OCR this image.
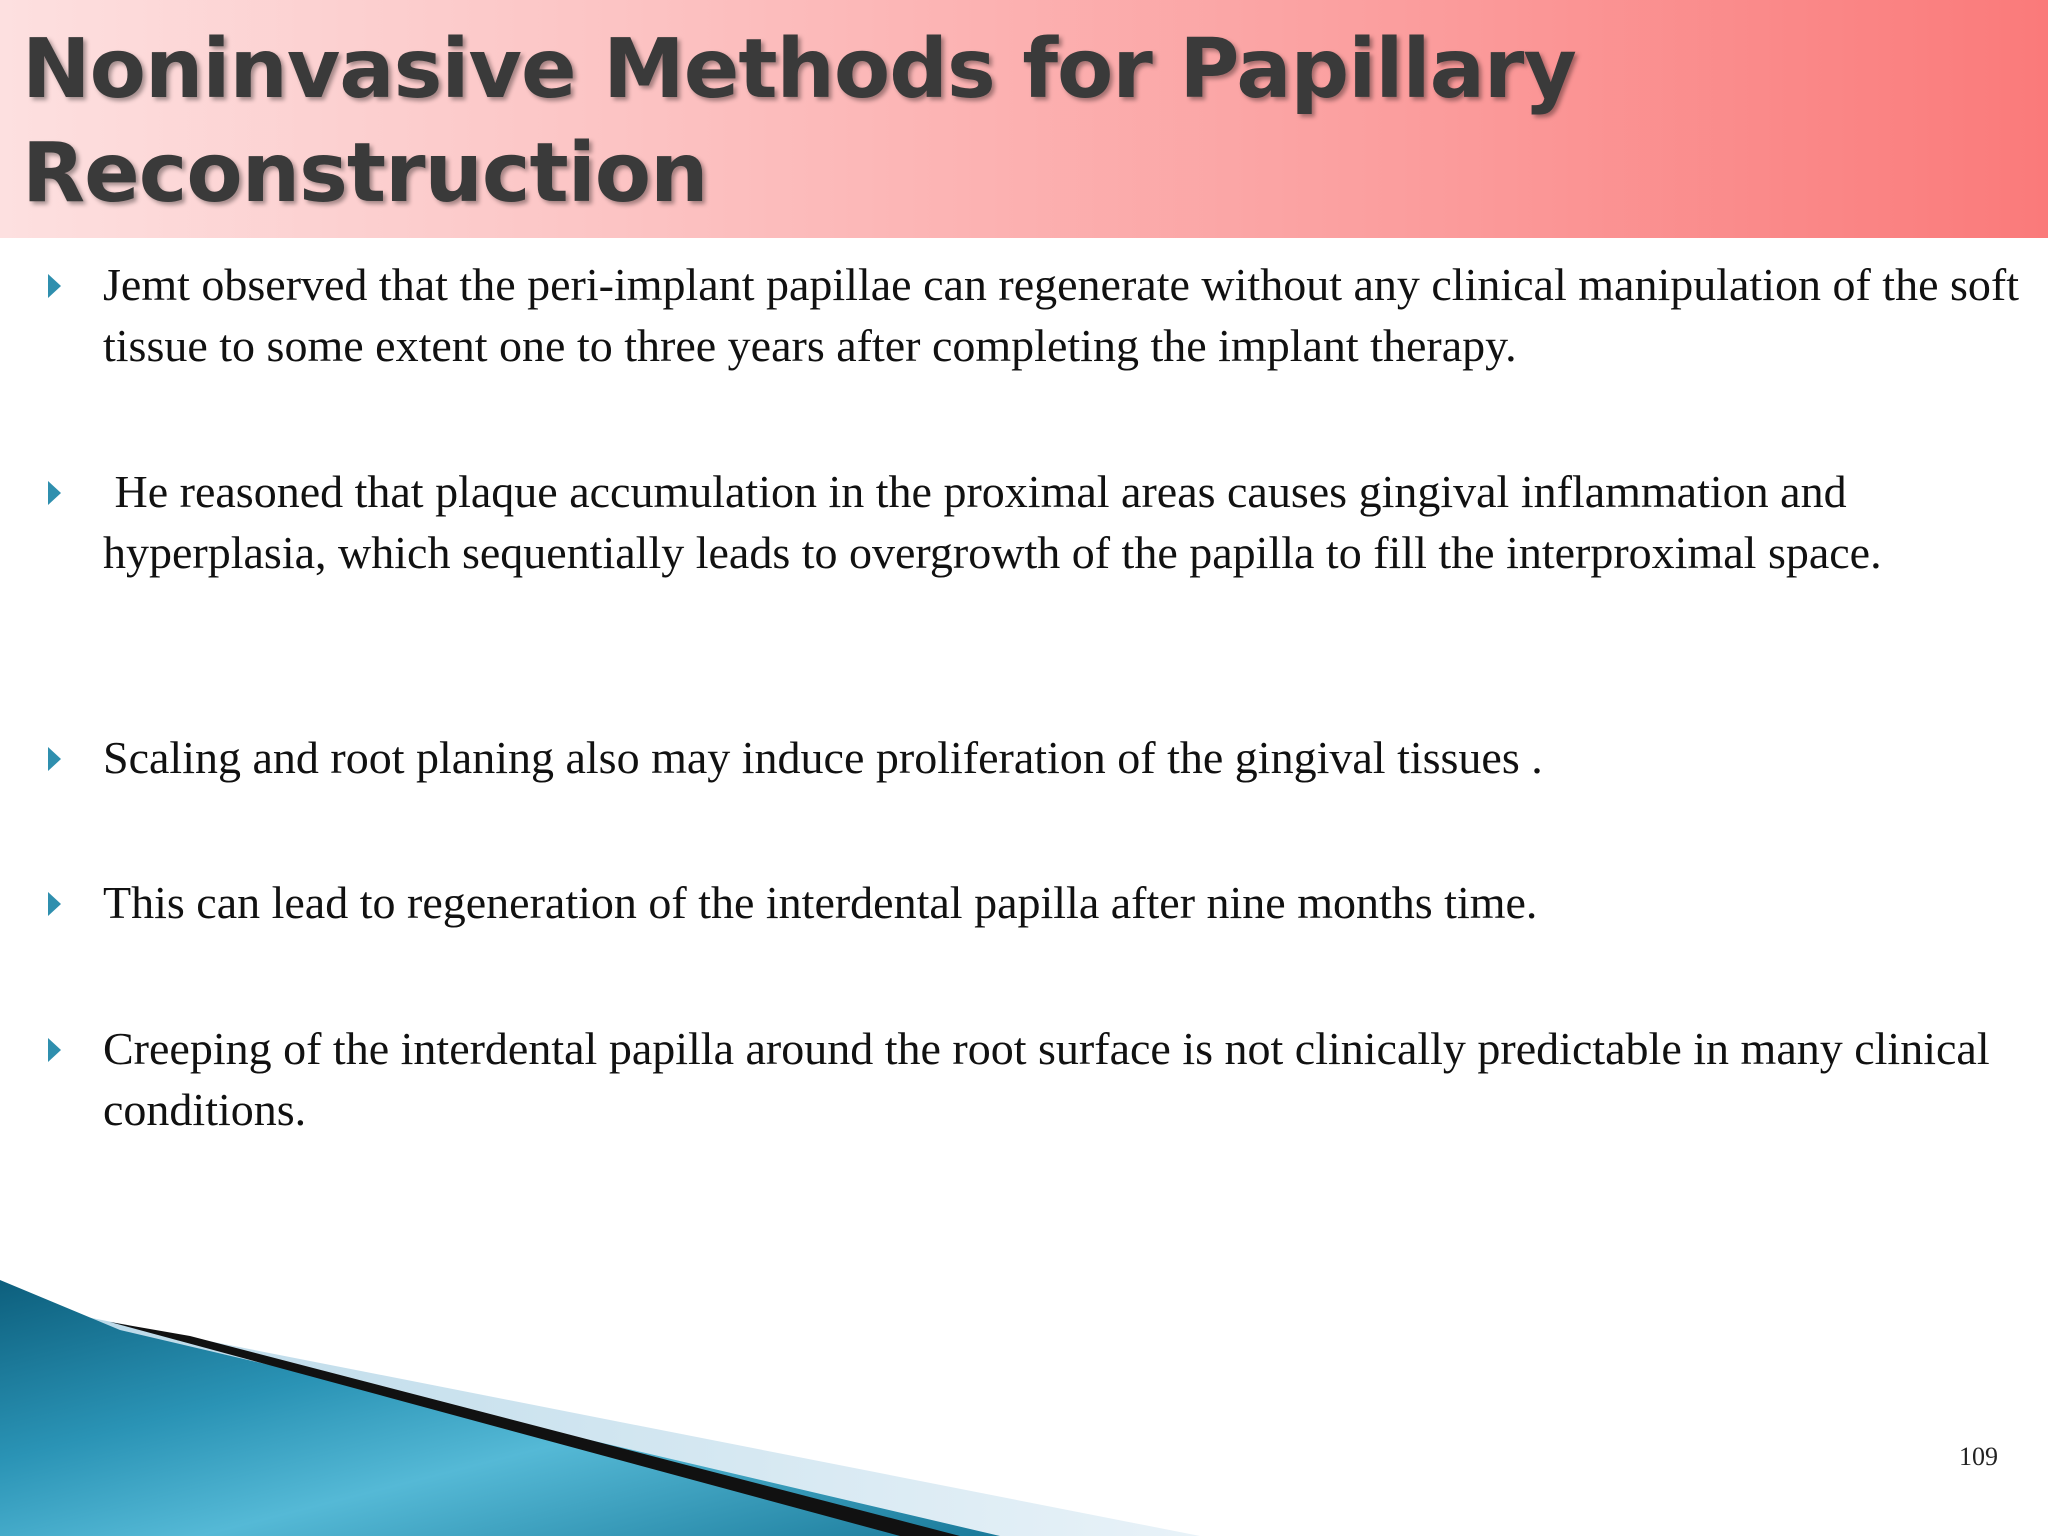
Noninvasive Methods for Papillary Reconstruction

Jemt observed that the peri-implant papillae can regenerate without any clinical manipulation of the soft tissue to some extent one to three years after completing the implant therapy.

He reasoned that plaque accumulation in the proximal areas causes gingival inflammation and hyperplasia, which sequentially leads to overgrowth of the papilla to fill the interproximal space.

Scaling and root planing also may induce proliferation of the gingival tissues .

This can lead to regeneration of the interdental papilla after nine months time.

Creeping of the interdental papilla around the root surface is not clinically predictable in many clinical conditions.

109
